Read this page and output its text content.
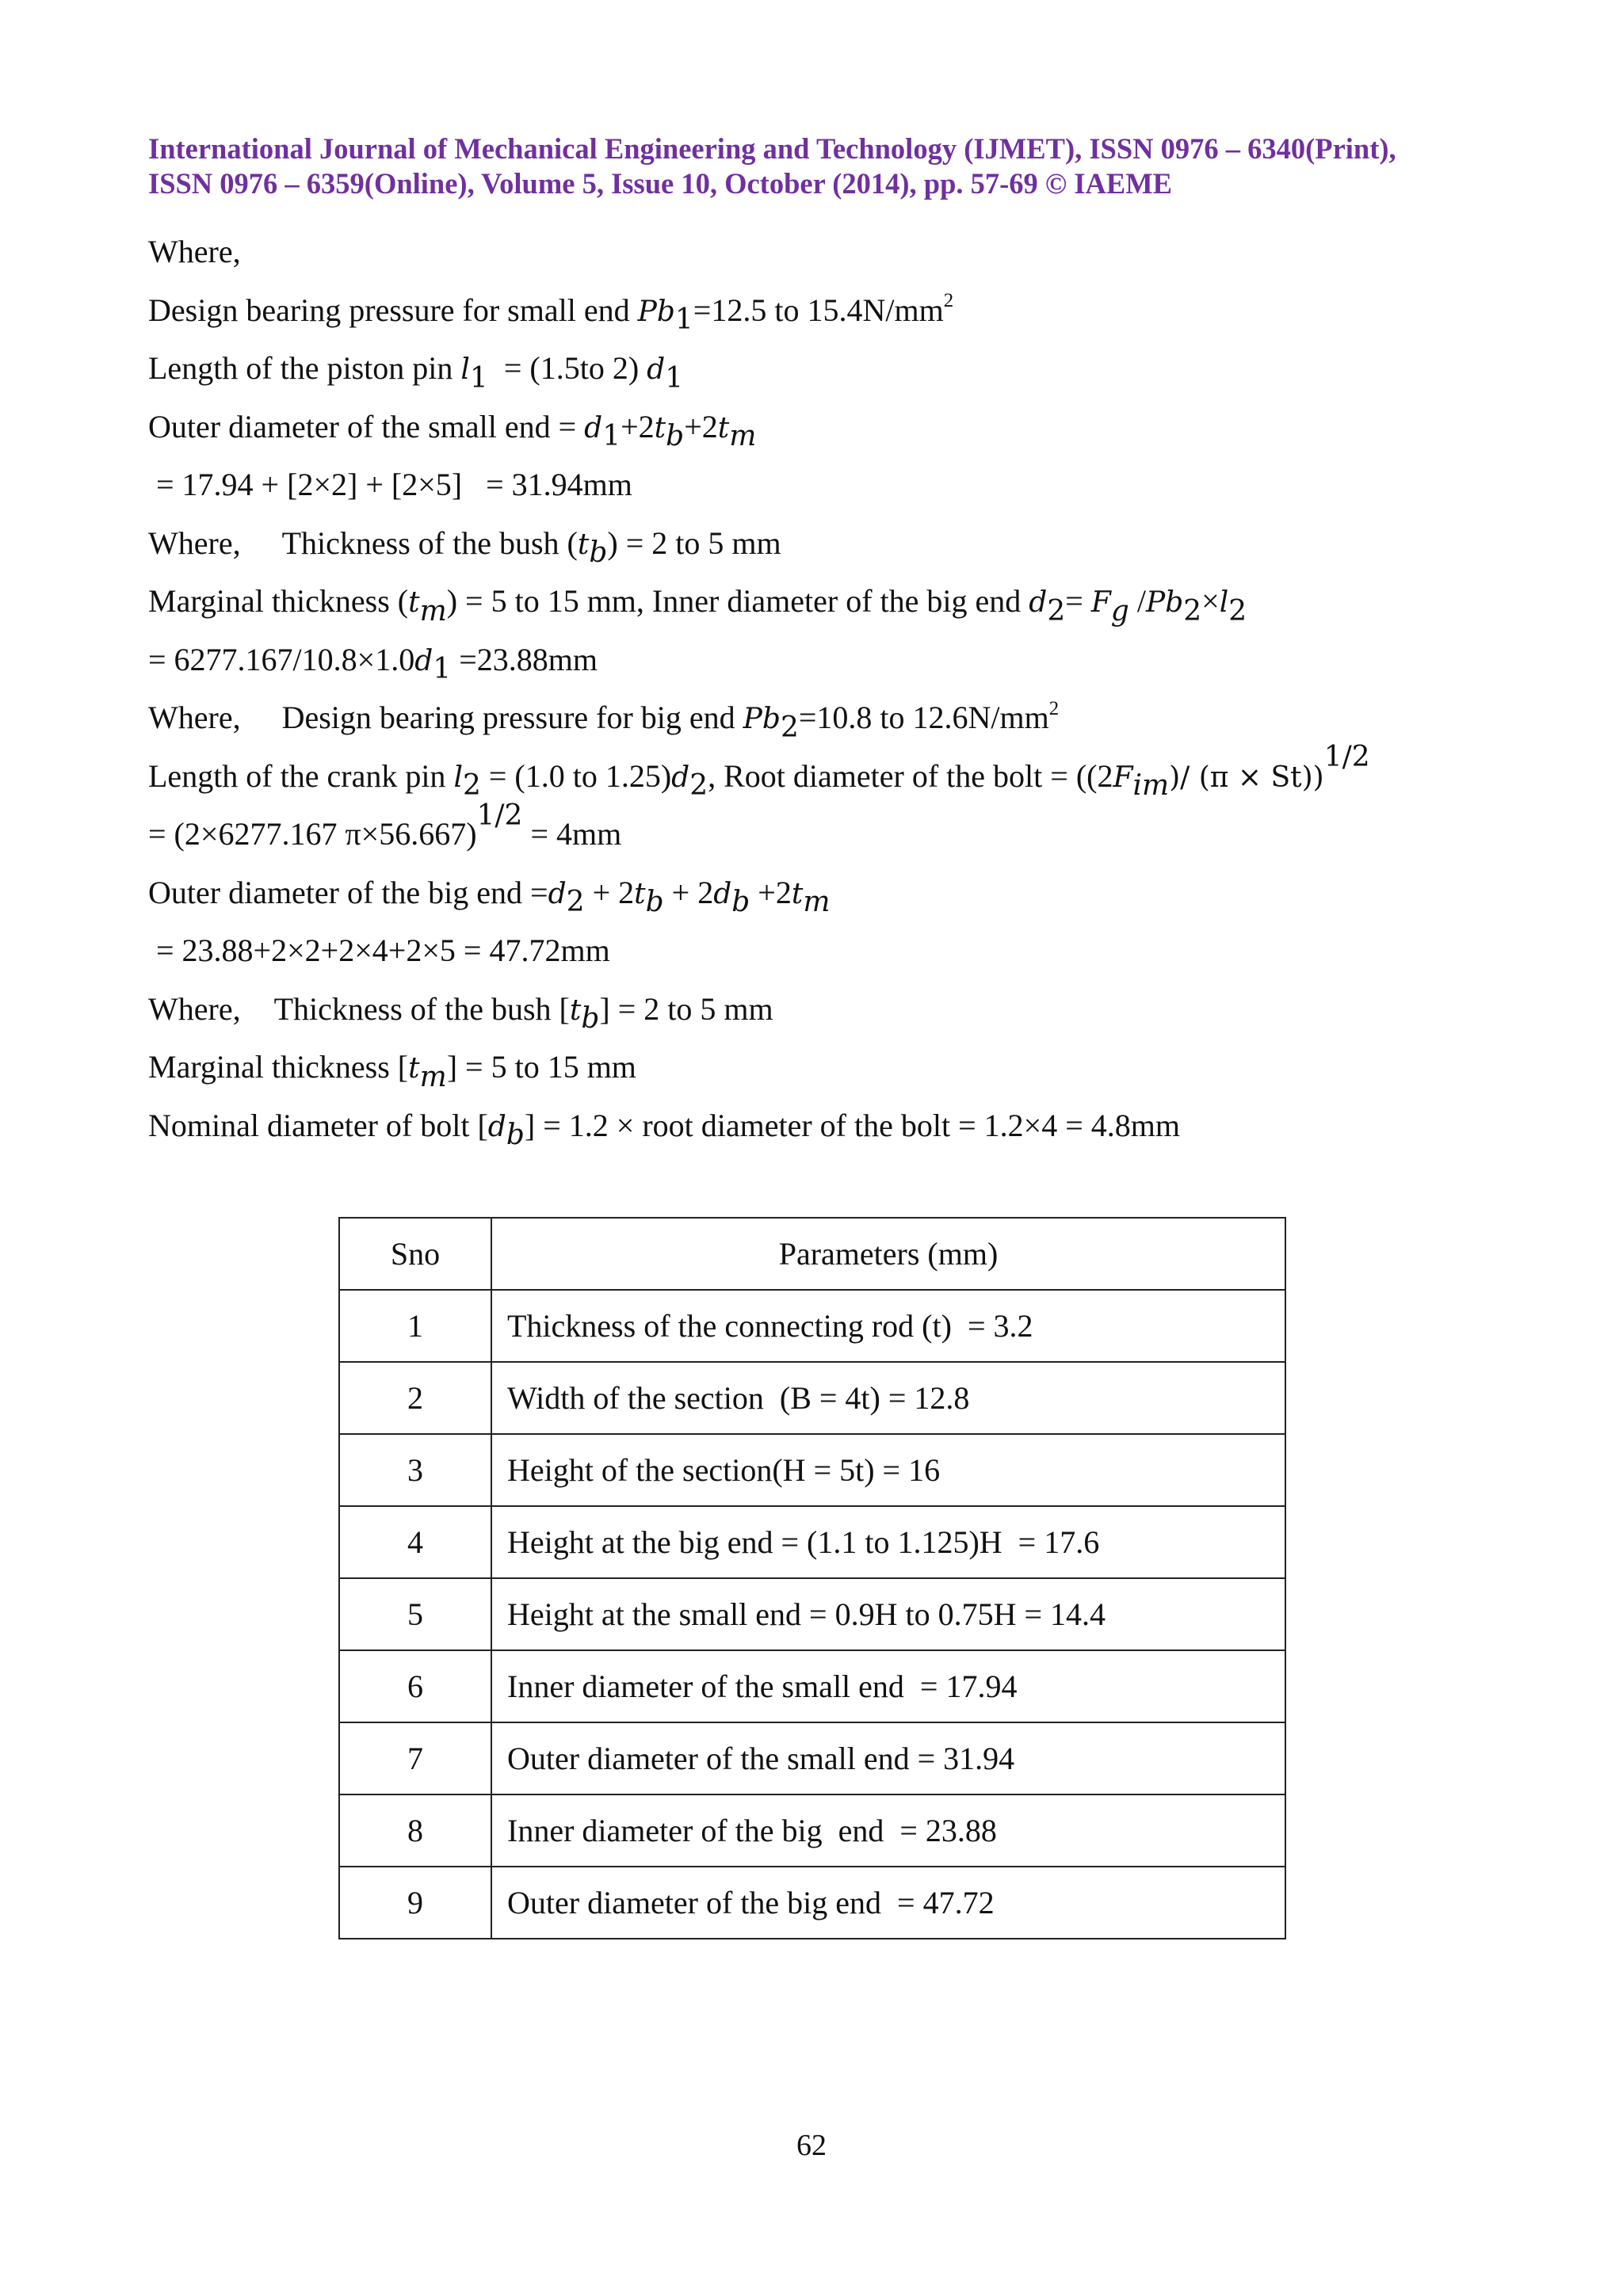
International Journal of Mechanical Engineering and Technology (IJMET), ISSN 0976 – 6340(Print),
ISSN 0976 – 6359(Online), Volume 5, Issue 10, October (2014), pp. 57-69 © IAEME
Where,
Design bearing pressure for small end $Pb_1=12.5$ to $15.4N/mm^2$
Length of the piston pin $l_1 = (1.5to$ 2) $d_1$
Outer diameter of the small end = $d_1+2t_b+2t_m$
= 17.94 + [2×2] + [2×5]   = 31.94mm
Where, Thickness of the bush $(t_b) = 2$ to 5 mm
Marginal thickness $(t_m) = 5$ to 15 mm, Inner diameter of the big end $d_2= F_g$ $/Pb_2\times l_2$
= $6277.167/10.8\times 1.0d_1 =23.88mm$
Where, Design bearing pressure for big end $Pb_2=10.8$ to $12.6N/mm^2$
Length of the crank pin $l_2 = (1.0$ to $1.25)d_2$, Root diameter of the bolt = ($(2F_{im})/$ (π × St))$^{1/2}$
= (2×6277.167 π×56.667)$^{1/2}$ = 4mm
Outer diameter of the big end $=d_2 + 2t_b + 2d_b +2t_m$
= 23.88+2×2+2×4+2×5 = 47.72mm
Where, Thickness of the bush $[t_b] = 2$ to 5 mm
Marginal thickness $[t_m] = 5$ to 15 mm
Nominal diameter of bolt $[d_b] = 1.2$ × root diameter of the bolt = 1.2×4 = 4.8mm
Sno	Parameters (mm)
1	Thickness of the connecting rod (t)  = 3.2
2	Width of the section  (B = 4t) = 12.8
3	Height of the section(H = 5t) = 16
4	Height at the big end = (1.1 to 1.125)H  = 17.6
5	Height at the small end = 0.9H to 0.75H = 14.4
6	Inner diameter of the small end  = 17.94
7	Outer diameter of the small end = 31.94
8	Inner diameter of the big  end  = 23.88
9	Outer diameter of the big end  = 47.72
62
